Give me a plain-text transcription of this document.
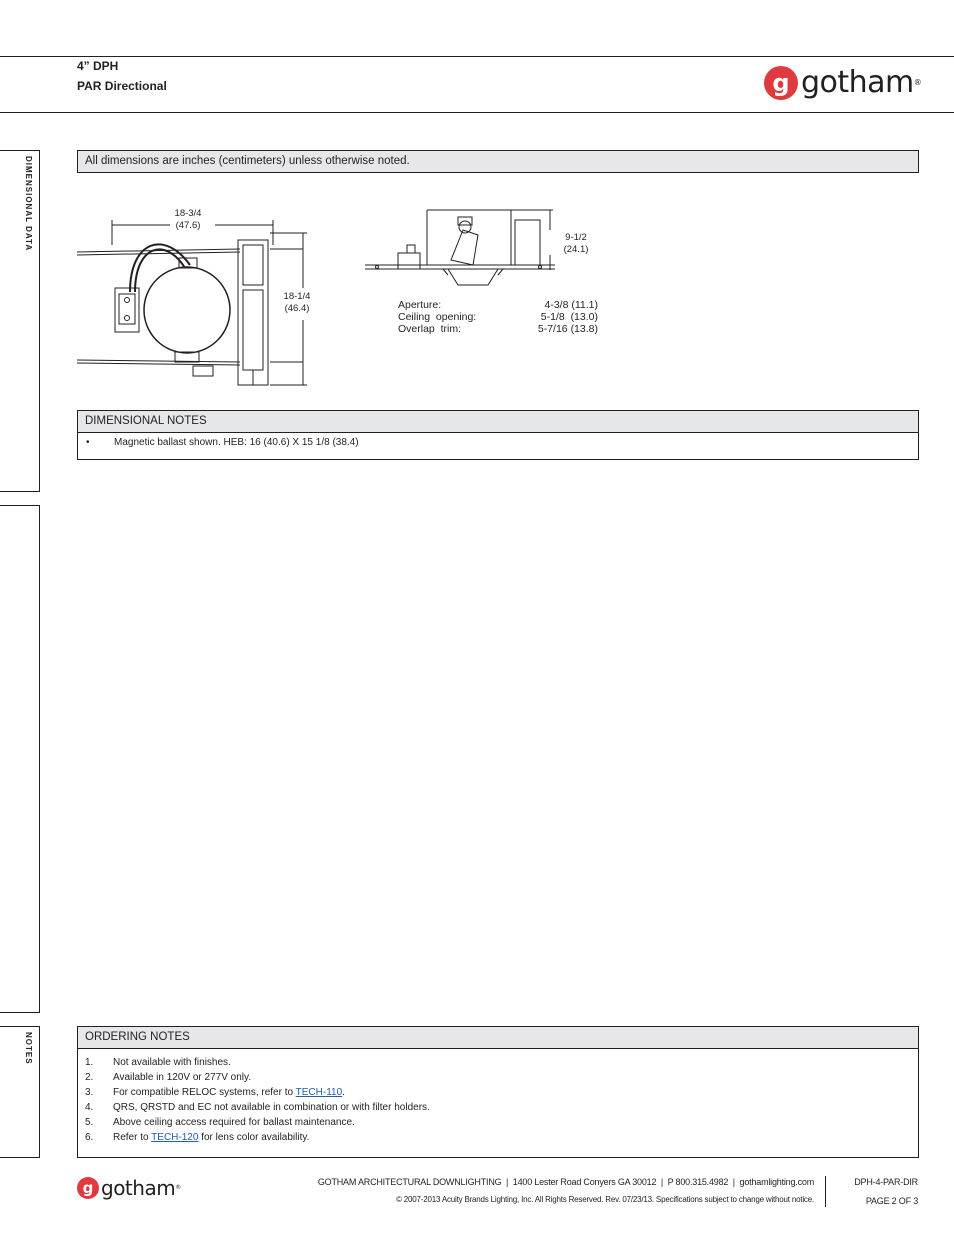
4” DPH
PAR Directional	g gotham®
DIMENSIONAL DATA
NOTES
All dimensions are inches (centimeters) unless otherwise noted.
18-3/4
(47.6)
18-1/4
(46.4)
9-1/2
(24.1)
Aperture:	4-3/8 (11.1)
Ceiling  opening:	5-1/8  (13.0)
Overlap  trim:	5-7/16 (13.8)
DIMENSIONAL NOTES
•	Magnetic ballast shown. HEB: 16 (40.6) X 15 1/8 (38.4)
ORDERING NOTES
1.	Not available with finishes.
2.	Available in 120V or 277V only.
3.	For compatible RELOC systems, refer to TECH-110.
4.	QRS, QRSTD and EC not available in combination or with filter holders.
5.	Above ceiling access required for ballast maintenance.
6.	Refer to TECH-120 for lens color availability.
g gotham®
GOTHAM ARCHITECTURAL DOWNLIGHTING  |  1400 Lester Road Conyers GA 30012  |  P 800.315.4982  |  gothamlighting.com
© 2007-2013 Acuity Brands Lighting, Inc. All Rights Reserved. Rev. 07/23/13. Specifications subject to change without notice.
DPH-4-PAR-DIR
PAGE 2 OF 3
